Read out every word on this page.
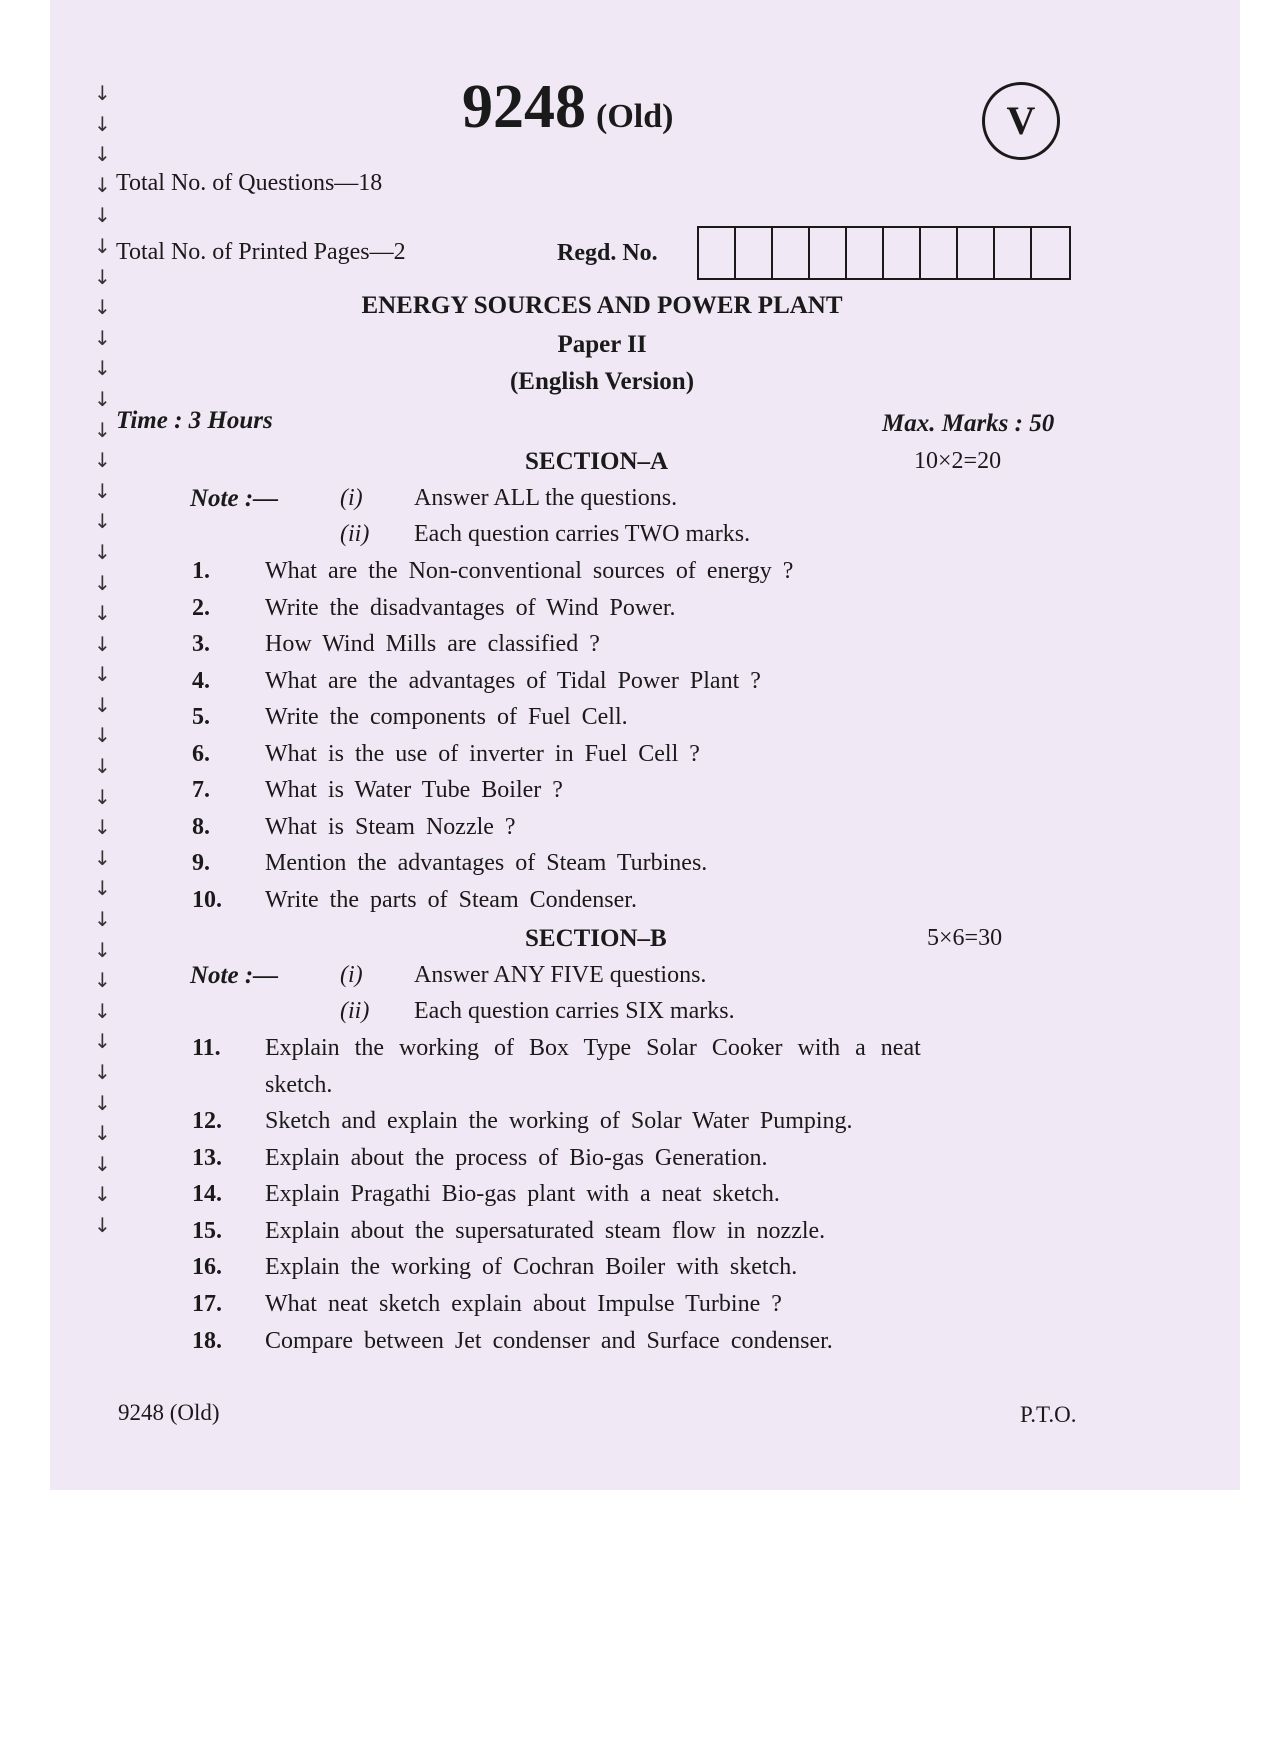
↓
↓
↓
↓
↓
↓
↓
↓
↓
↓
↓
↓
↓
↓
↓
↓
↓
↓
↓
↓
↓
↓
↓
↓
↓
↓
↓
↓
↓
↓
↓
↓
↓
↓
↓
↓
↓
↓
9248 (Old)	V
Total No. of Questions—18
Total No. of Printed Pages—2	Regd. No.
ENERGY SOURCES AND POWER PLANT
Paper II
(English Version)
Time : 3 Hours	Max. Marks : 50
SECTION–A	10×2=20
Note :—	(i) Answer ALL the questions.
(ii) Each question carries TWO marks.
1. What are the Non-conventional sources of energy ?
2. Write the disadvantages of Wind Power.
3. How Wind Mills are classified ?
4. What are the advantages of Tidal Power Plant ?
5. Write the components of Fuel Cell.
6. What is the use of inverter in Fuel Cell ?
7. What is Water Tube Boiler ?
8. What is Steam Nozzle ?
9. Mention the advantages of Steam Turbines.
10. Write the parts of Steam Condenser.
SECTION–B	5×6=30
Note :—	(i) Answer ANY FIVE questions.
(ii) Each question carries SIX marks.
11. Explain the working of Box Type Solar Cooker with a neat
sketch.
12. Sketch and explain the working of Solar Water Pumping.
13. Explain about the process of Bio-gas Generation.
14. Explain Pragathi Bio-gas plant with a neat sketch.
15. Explain about the supersaturated steam flow in nozzle.
16. Explain the working of Cochran Boiler with sketch.
17. What neat sketch explain about Impulse Turbine ?
18. Compare between Jet condenser and Surface condenser.
9248 (Old)	P.T.O.
